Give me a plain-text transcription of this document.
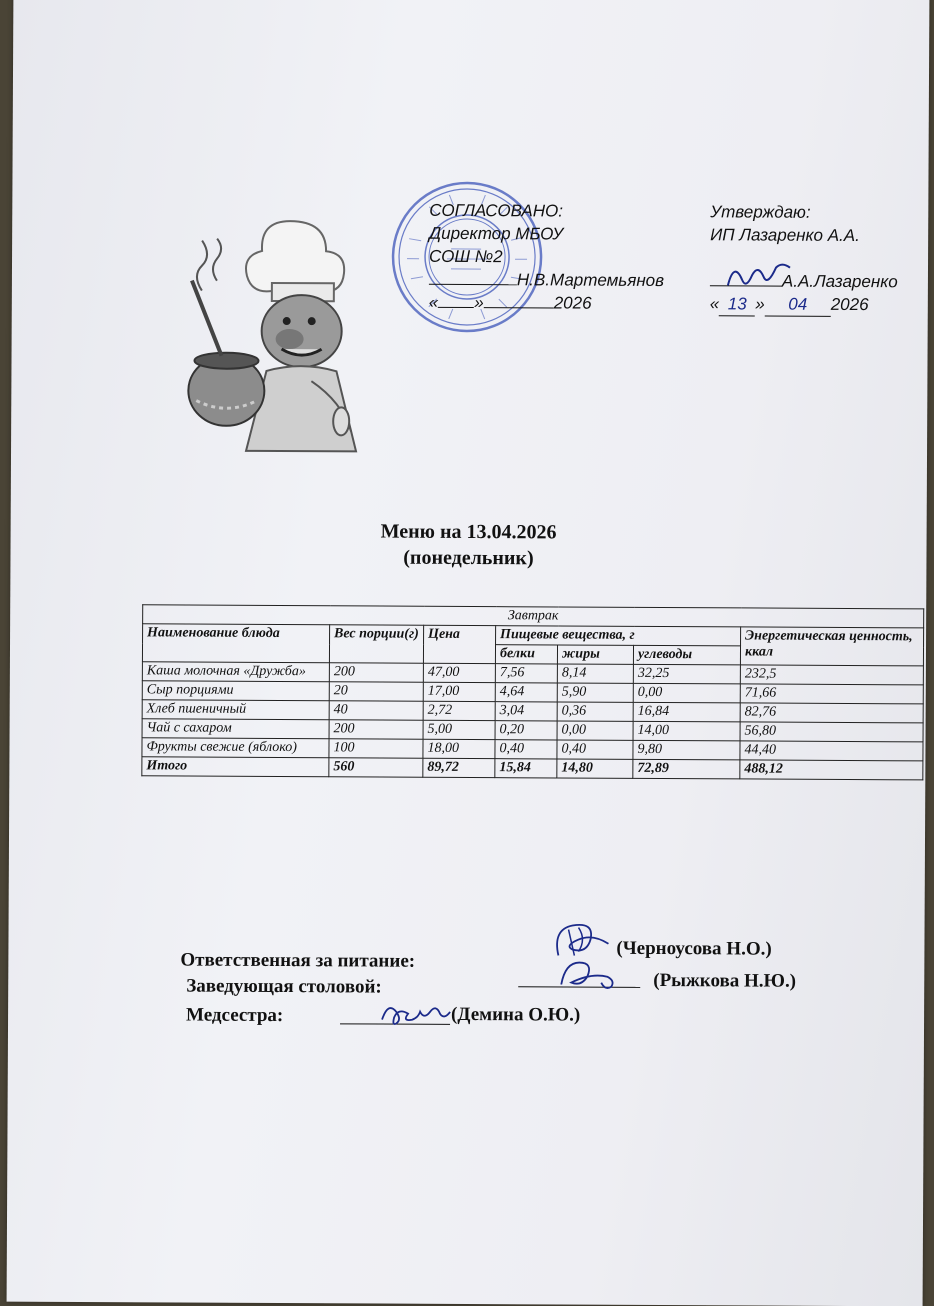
СОГЛАСОВАНО:
Директор МБОУ
СОШ №2
Н.В.Мартемьянов
« »	2026
Утверждаю:
ИП Лазаренко А.А.

А.А.Лазаренко
« 13 » 04 2026
Меню на 13.04.2026
(понедельник)
Завтрак						
Наименование блюда	Вес порции(г)	Цена	Пищевые вещества, г			Энергетическая ценность, ккал
			белки	жиры	углеводы	
Каша молочная «Дружба»	200	47,00	7,56	8,14	32,25	232,5
Сыр порциями	20	17,00	4,64	5,90	0,00	71,66
Хлеб пшеничный	40	2,72	3,04	0,36	16,84	82,76
Чай с сахаром	200	5,00	0,20	0,00	14,00	56,80
Фрукты свежие (яблоко)	100	18,00	0,40	0,40	9,80	44,40
Итого	560	89,72	15,84	14,80	72,89	488,12
Ответственная за питание:
(Черноусова Н.О.)
Заведующая столовой:	(Рыжкова Н.Ю.)
Медсестра:	(Демина О.Ю.)
